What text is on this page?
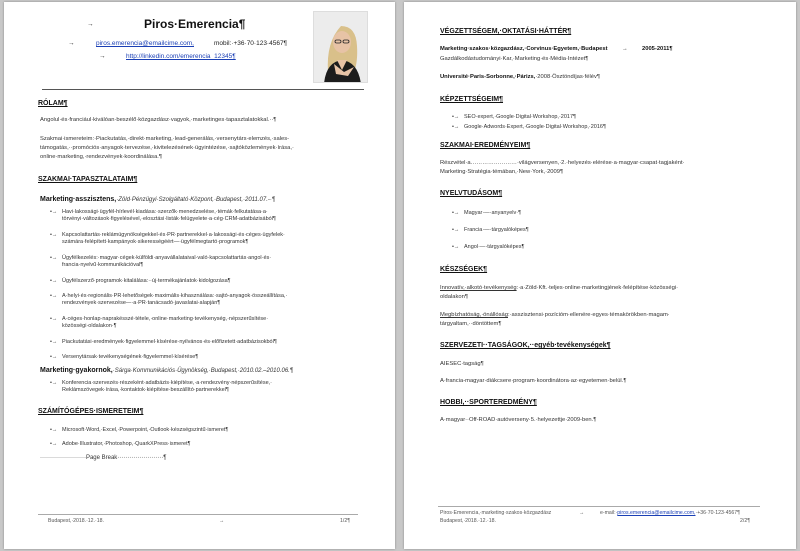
→	Piros·Emerencia¶
→	piros.emerencia@emailcime.com,	mobil:·+36·70·123·4567¶
→	http://linkedin.com/emerencia_12345¶
RÓLAM¶
Angolul·és·franciául·kiválóan·beszélő·közgazdász·vagyok,·marketinges·tapasztalatokkal.··¶
Szakmai·ismereteim:·Piackutatás,·direkt·marketing,·lead-generálás,·versenytárs·elemzés,·sales-
támogatás,··promóciós·anyagok·tervezése,·kivitelezésének·ügyintézése,·sajtóközlemények·írása,·
online·marketing,·rendezvények·koordinálása.¶
SZAKMAI·TAPASZTALATAIM¶
Marketing·asszisztens,·Zöld·Pénzügyi·Szolgáltató·Központ,·Budapest,·2011.07.-·¶
•→ Havi·lakossági·ügyfél-hírlevél·kiadása:·szerzők·menedzselése,·témák·felkutatása·a·
törvényi·változások·figyelésével,·elosztási·listák·felügyelete·a·cég·CRM-adatbázisából¶
•→ Kapcsolattartás·reklámügynökségekkel·és·PR·partnerekkel·a·lakossági·és·céges·ügyfelek·
számára·felépített·kampányok·sikerességéért—·ügyfélmegtartó·programok¶
•→ Ügyfélkezelés:·magyar·cégek·külföldi·anyavállalataival·való·kapcsolattartás·angol·és·
francia·nyelvű·kommunikációval¶
•→ Ügyfélszerző·programok·kitalálása:··új·termékajánlatok·kidolgozása¶
•→ A·helyi·és·regionális·PR·lehetőségek·maximális·kihasználása:·sajtó-anyagok·összeállítása,·
rendezvények·szervezése—·a·PR·tanácsadó·javaslatai·alapján¶
•→ A·céges·honlap·naprakésszé·tétele,·online·marketing·tevékenység,·népszerűsítése·
közösségi·oldalakon·¶
•→ Piackutatási·eredmények·figyelemmel·kísérése·nyilvános·és·előfizetett·adatbázisokból¶
•→ Versenytársak·tevékenységének·figyelemmel·kísérése¶
Marketing·gyakornok,·Sárga·Kommunikációs·Ügynökség,·Budapest,·2010.02.–2010.06.¶
•→ Konferencia·szervezés·részeként·adatbázis·kiépítése,·a·rendezvény·népszerűsítése,·
Reklámszövegek·írása,·kontaktok·kiépítése·beszállító·partnerekkel¶
SZÁMÍTÓGÉPES·ISMERETEIM¶
•→ Microsoft·Word,·Excel,·Powerpoint,·Outlook·készségszintű·ismeret¶
•→ Adobe·Illustrator,·Photoshop,·QuarkXPress·ismeret¶
·······················Page Break·······················¶
Budapest,·2018.·12.·18.	→	1/2¶
VÉGZETTSÉGEM,·OKTATÁSI·HÁTTÉR¶
Marketing·szakos·közgazdász,·Corvinus·Egyetem,·Budapest → 2005-2011¶
Gazdálkodástudományi·Kar,·Marketing·és·Média·Intézet¶
Université·Paris-Sorbonne,·Párizs,·2008·Ösztöndíjas·félév¶
KÉPZETTSÉGEIM¶
•→ SEO·expert,·Google·Digital·Workshop,·2017¶
•→ Google·Adwords·Expert,·Google·Digital·Workshop,·2016¶
SZAKMAI·EREDMÉNYEIM¶
Részvétel·a……………………·világversenyen,·2.·helyezés·elérése·a·magyar·csapat·tagjaként·
Marketing·Stratégia·témában,·New·York,·2009¶
NYELVTUDÁSOM¶
•→ Magyar·—·anyanyelv·¶
•→ Francia·—·tárgyalóképes¶
•→ Angol·—·tárgyalóképes¶
KÉSZSÉGEK¶
Innovatív,·alkotó·tevékenység:·a·Zöld·Kft.·teljes·online·marketingjének·felépítése·közösségi·
oldalakon¶
Megbízhatóság,·önállóság:·asszisztensi·pozícióm·ellenére·egyes·témakörökben·magam·
tárgyaltam,··döntöttem¶
SZERVEZETI··TAGSÁGOK,··egyéb·tevékenységek¶
AIESEC·tagság¶
A·francia-magyar·diákcsere·program·koordinátora·az·egyetemen·belül.¶
HOBBI,··SPORTEREDMÉNY¶
A·magyar··Off-ROAD·autóverseny·5.·helyezettje·2009-ben.¶
Piros·Emerencia,·marketing·szakos·közgazdász
Budapest,·2018.·12.·18.
→	e-mail:·piros.emerencia@emailcime.com,·+36·70·123·4567¶
2/2¶
